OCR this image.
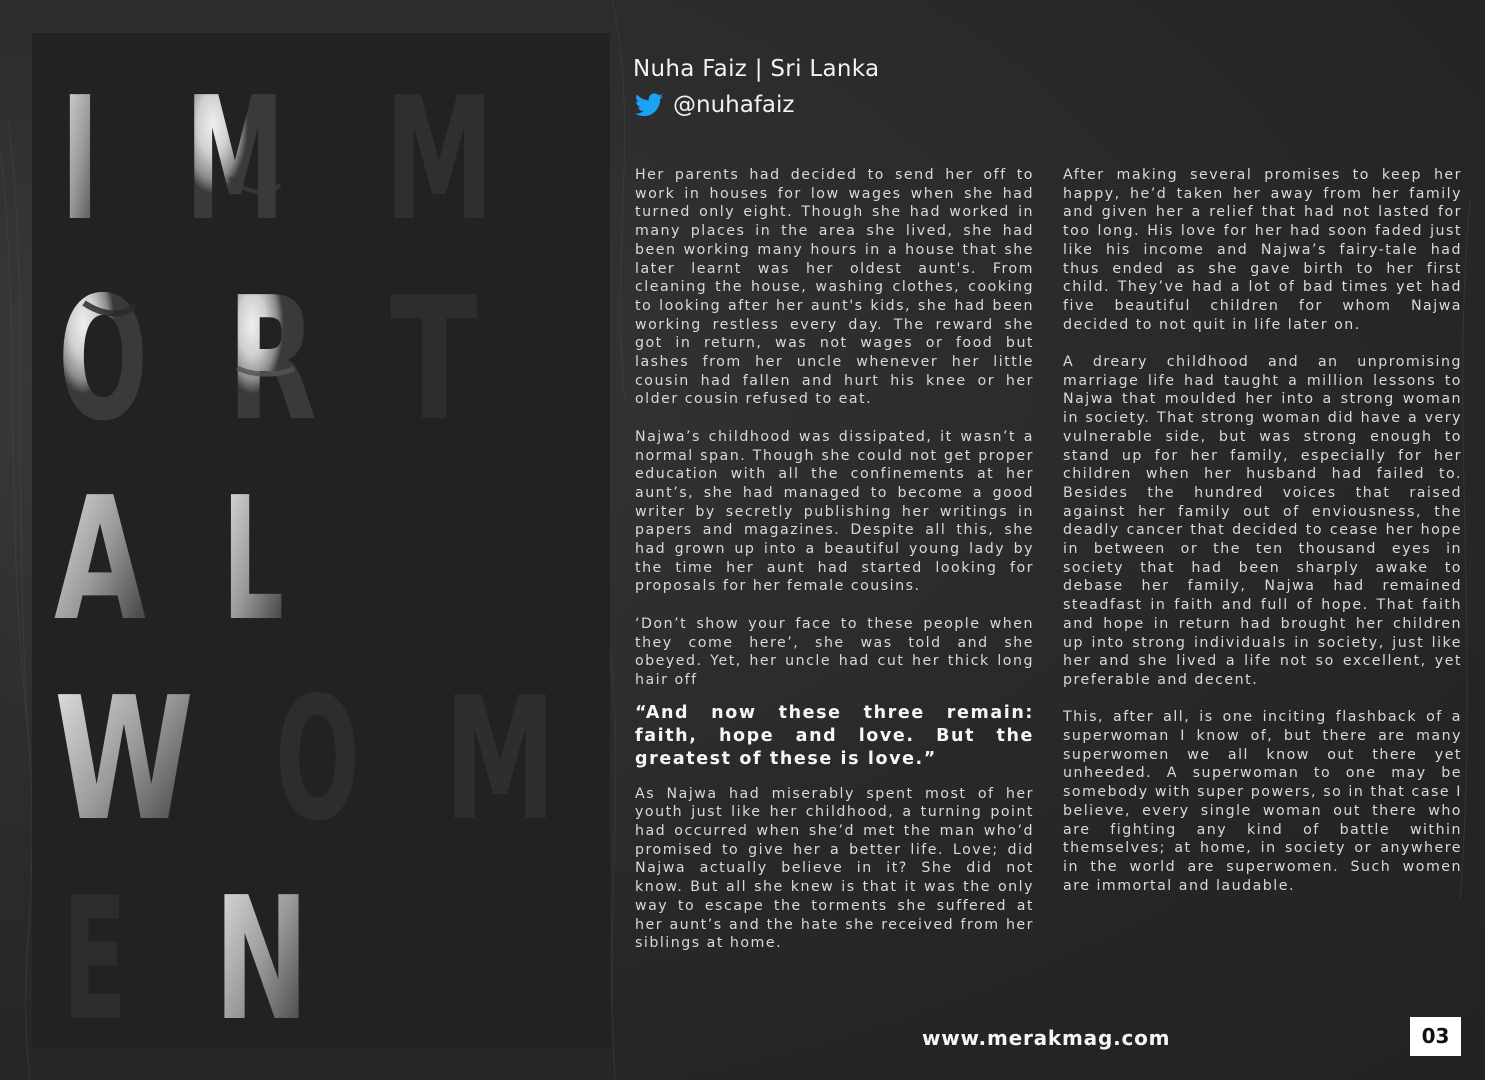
I M M
O R T
A L
W O M
E N
Nuha Faiz | Sri Lanka
@nuhafaiz

Her parents had decided to send her off to work in houses for low wages when she had turned only eight. Though she had worked in many places in the area she lived, she had been working many hours in a house that she later learnt was her oldest aunt's. From cleaning the house, washing clothes, cooking to looking after her aunt's kids, she had been working restless every day. The reward she got in return, was not wages or food but lashes from her uncle whenever her little cousin had fallen and hurt his knee or her older cousin refused to eat.

Najwa’s childhood was dissipated, it wasn’t a normal span. Though she could not get proper education with all the confinements at her aunt’s, she had managed to become a good writer by secretly publishing her writings in papers and magazines. Despite all this, she had grown up into a beautiful young lady by the time her aunt had started looking for proposals for her female cousins.

‘Don’t show your face to these people when they come here’, she was told and she obeyed. Yet, her uncle had cut her thick long hair off

“And now these three remain: faith, hope and love. But the greatest of these is love.”

As Najwa had miserably spent most of her youth just like her childhood, a turning point had occurred when she’d met the man who’d promised to give her a better life. Love; did Najwa actually believe in it? She did not know. But all she knew is that it was the only way to escape the torments she suffered at her aunt’s and the hate she received from her siblings at home.

After making several promises to keep her happy, he’d taken her away from her family and given her a relief that had not lasted for too long. His love for her had soon faded just like his income and Najwa’s fairy-tale had thus ended as she gave birth to her first child. They’ve had a lot of bad times yet had five beautiful children for whom Najwa decided to not quit in life later on.

A dreary childhood and an unpromising marriage life had taught a million lessons to Najwa that moulded her into a strong woman in society. That strong woman did have a very vulnerable side, but was strong enough to stand up for her family, especially for her children when her husband had failed to. Besides the hundred voices that raised against her family out of enviousness, the deadly cancer that decided to cease her hope in between or the ten thousand eyes in society that had been sharply awake to debase her family, Najwa had remained steadfast in faith and full of hope. That faith and hope in return had brought her children up into strong individuals in society, just like her and she lived a life not so excellent, yet preferable and decent.

This, after all, is one inciting flashback of a superwoman I know of, but there are many superwomen we all know out there yet unheeded. A superwoman to one may be somebody with super powers, so in that case I believe, every single woman out there who are fighting any kind of battle within themselves; at home, in society or anywhere in the world are superwomen. Such women are immortal and laudable.

www.merakmag.com	03
